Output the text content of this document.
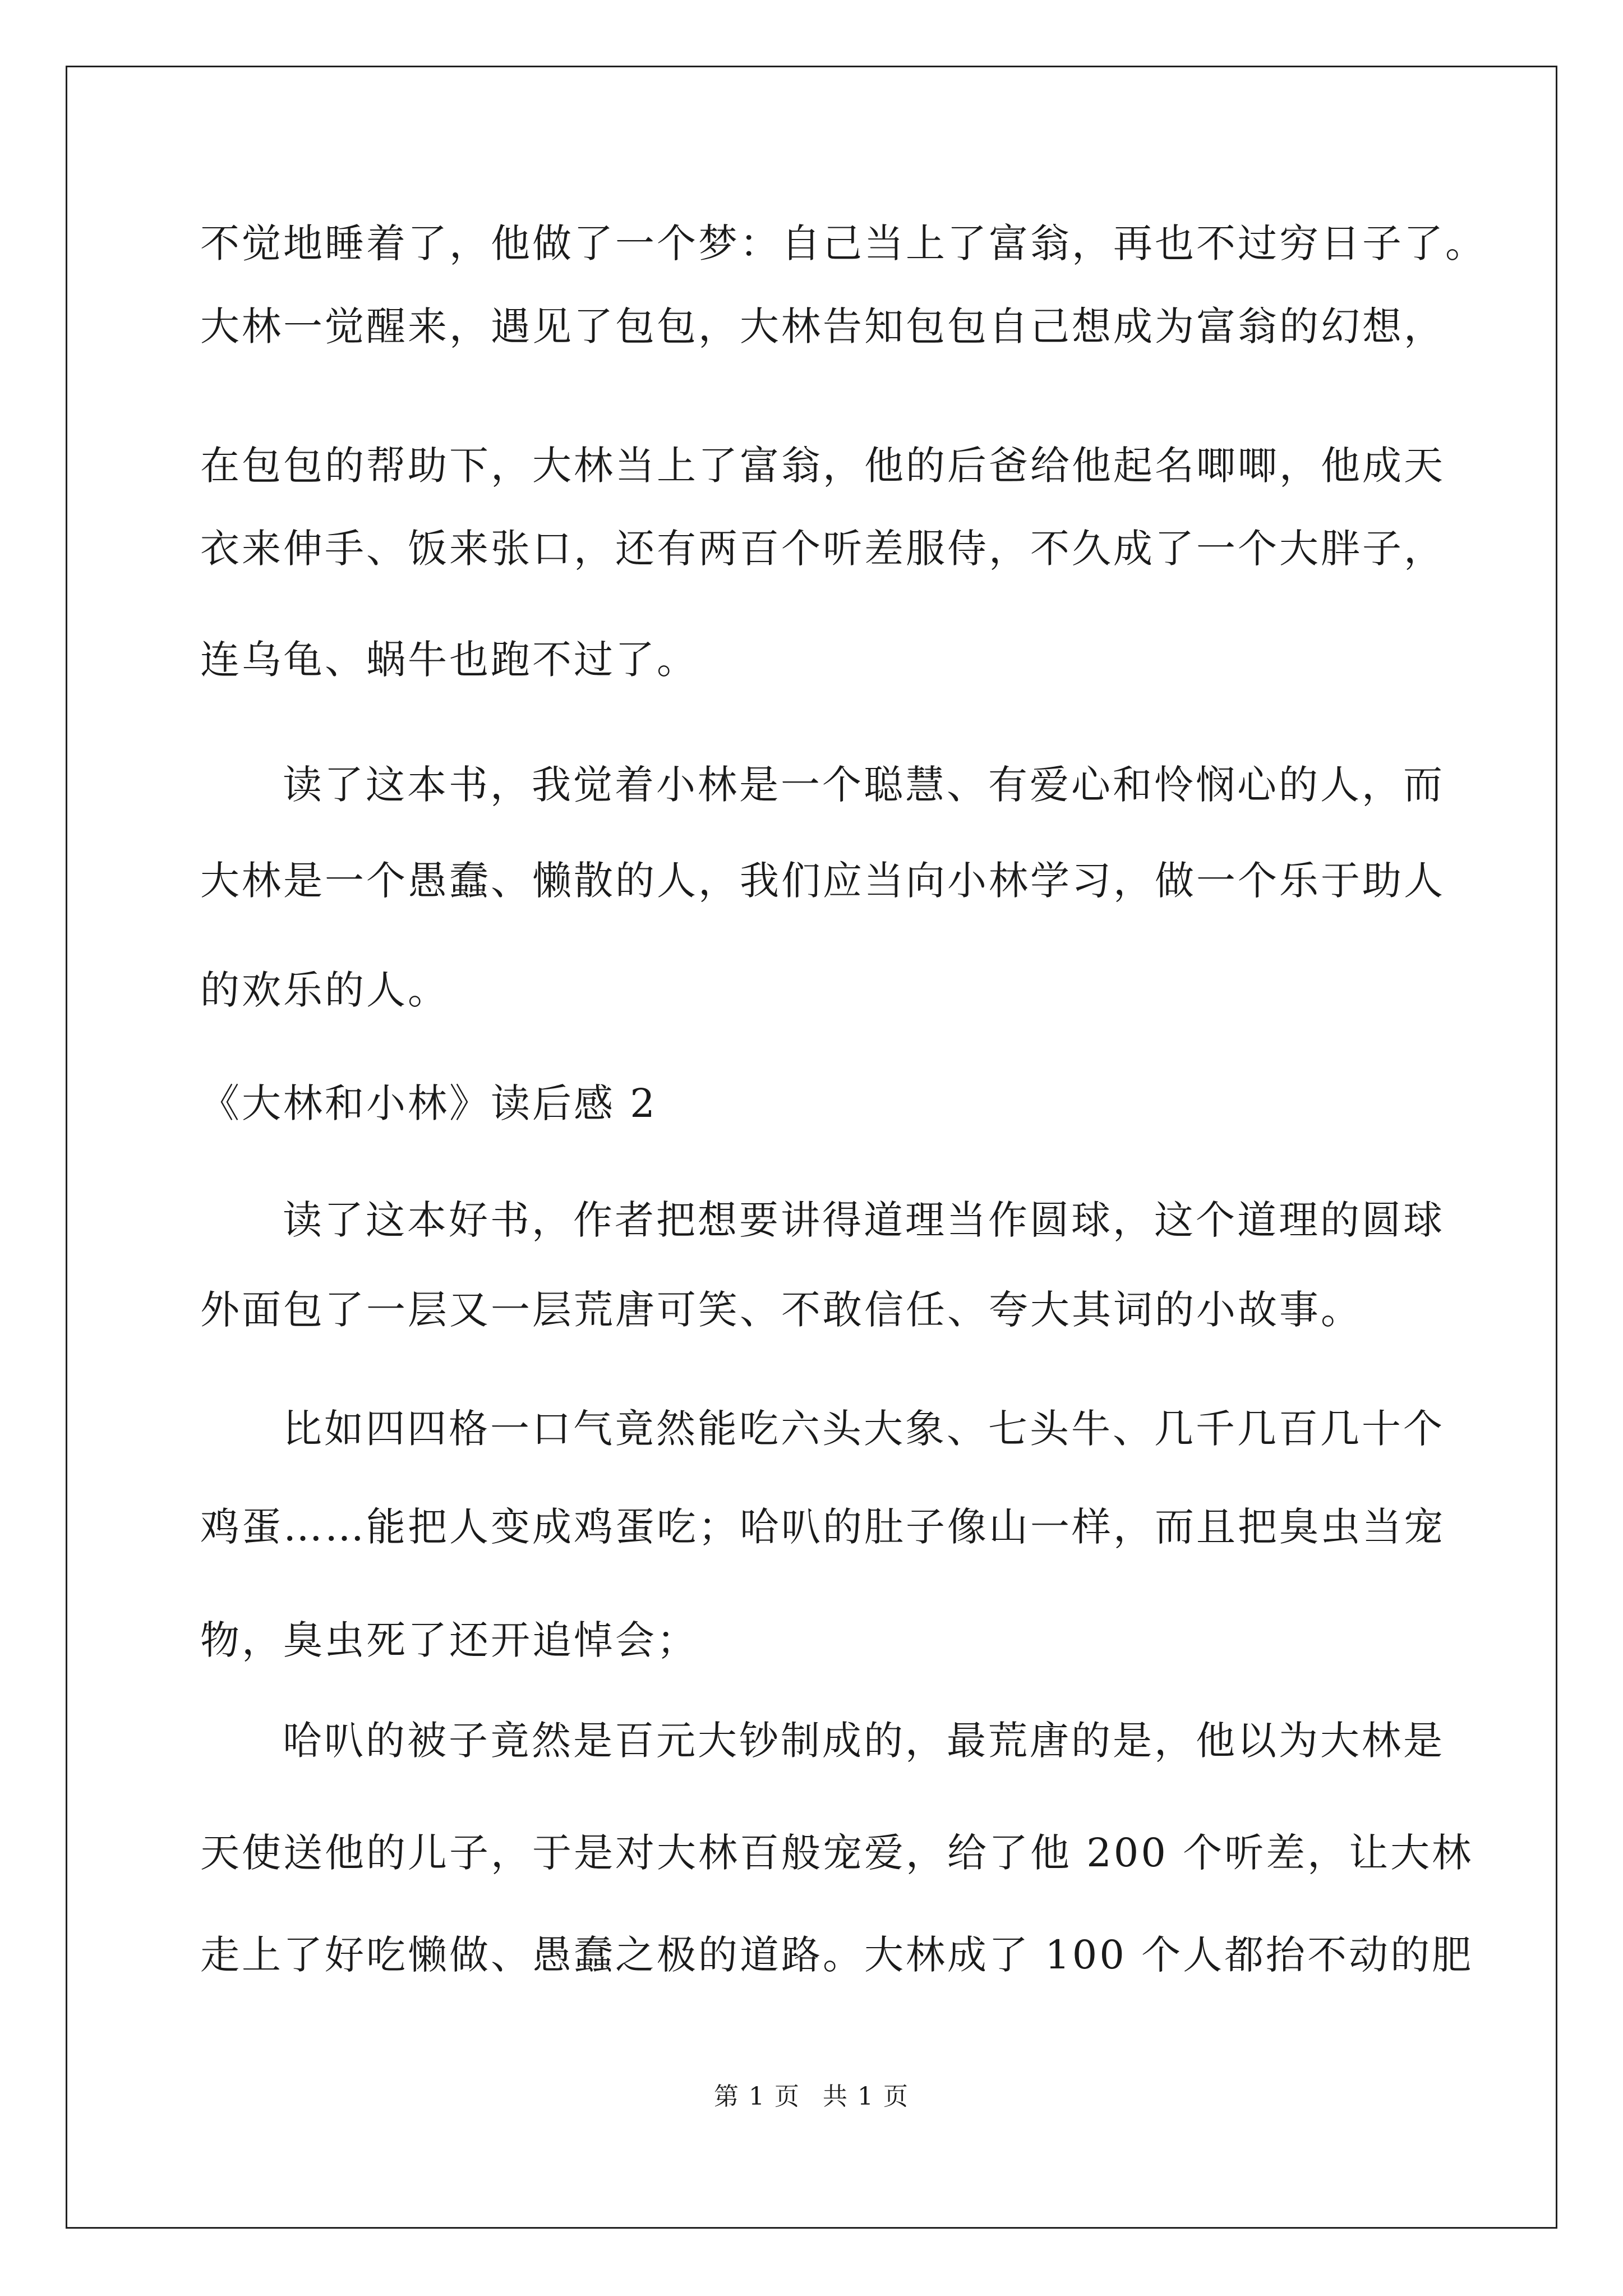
不觉地睡着了，他做了一个梦：自己当上了富翁，再也不过穷日子了。
大林一觉醒来，遇见了包包，大林告知包包自己想成为富翁的幻想，
在包包的帮助下，大林当上了富翁，他的后爸给他起名唧唧，他成天
衣来伸手、饭来张口，还有两百个听差服侍，不久成了一个大胖子，
连乌龟、蜗牛也跑不过了。
读了这本书，我觉着小林是一个聪慧、有爱心和怜悯心的人，而
大林是一个愚蠢、懒散的人，我们应当向小林学习，做一个乐于助人
的欢乐的人。
《大林和小林》读后感 2
读了这本好书，作者把想要讲得道理当作圆球，这个道理的圆球
外面包了一层又一层荒唐可笑、不敢信任、夸大其词的小故事。
比如四四格一口气竟然能吃六头大象、七头牛、几千几百几十个
鸡蛋……能把人变成鸡蛋吃；哈叭的肚子像山一样，而且把臭虫当宠
物，臭虫死了还开追悼会；
哈叭的被子竟然是百元大钞制成的，最荒唐的是，他以为大林是
天使送他的儿子，于是对大林百般宠爱，给了他 200 个听差，让大林
走上了好吃懒做、愚蠢之极的道路。大林成了 100 个人都抬不动的肥
第 1 页 共 1 页
